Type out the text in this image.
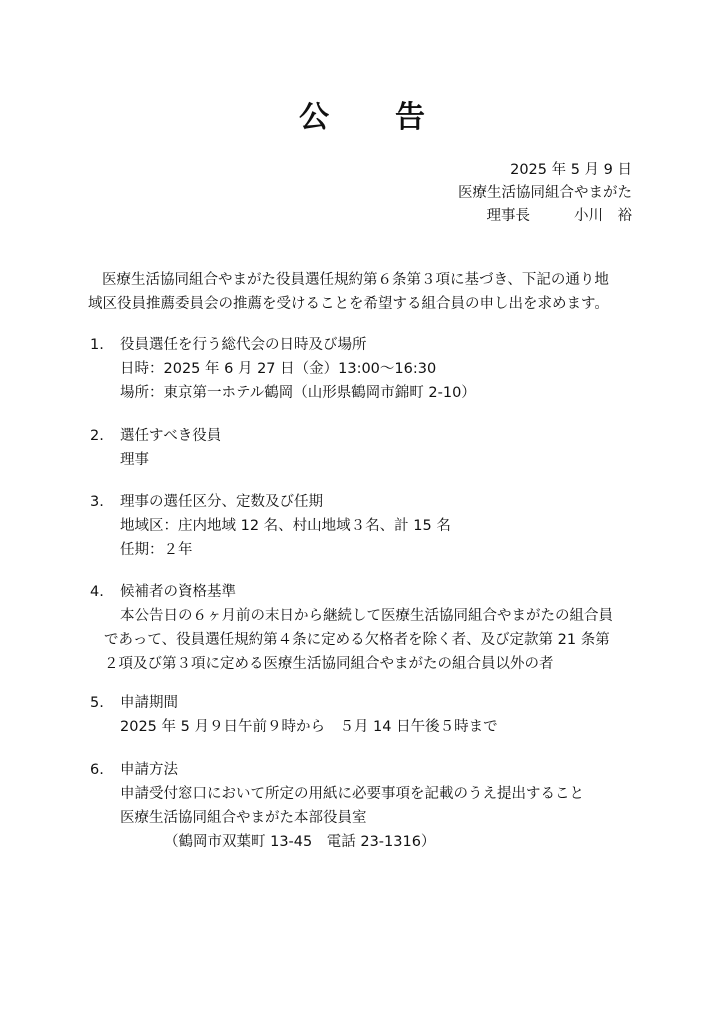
公　告
2025 年 5 月 9 日
医療生活協同組合やまがた
理事長	小川　裕
医療生活協同組合やまがた役員選任規約第６条第３項に基づき、下記の通り地
域区役員推薦委員会の推薦を受けることを希望する組合員の申し出を求めます。
1. 役員選任を行う総代会の日時及び場所
日時：2025 年 6 月 27 日（金）13:00～16:30
場所：東京第一ホテル鶴岡（山形県鶴岡市錦町 2-10）
2. 選任すべき役員
理事
3. 理事の選任区分、定数及び任期
地域区：庄内地域 12 名、村山地域３名、計 15 名
任期：２年
4. 候補者の資格基準
本公告日の６ヶ月前の末日から継続して医療生活協同組合やまがたの組合員
であって、役員選任規約第４条に定める欠格者を除く者、及び定款第 21 条第
２項及び第３項に定める医療生活協同組合やまがたの組合員以外の者
5. 申請期間
2025 年 5 月９日午前９時から　５月 14 日午後５時まで
6. 申請方法
申請受付窓口において所定の用紙に必要事項を記載のうえ提出すること
医療生活協同組合やまがた本部役員室
（鶴岡市双葉町 13-45　電話 23-1316）
